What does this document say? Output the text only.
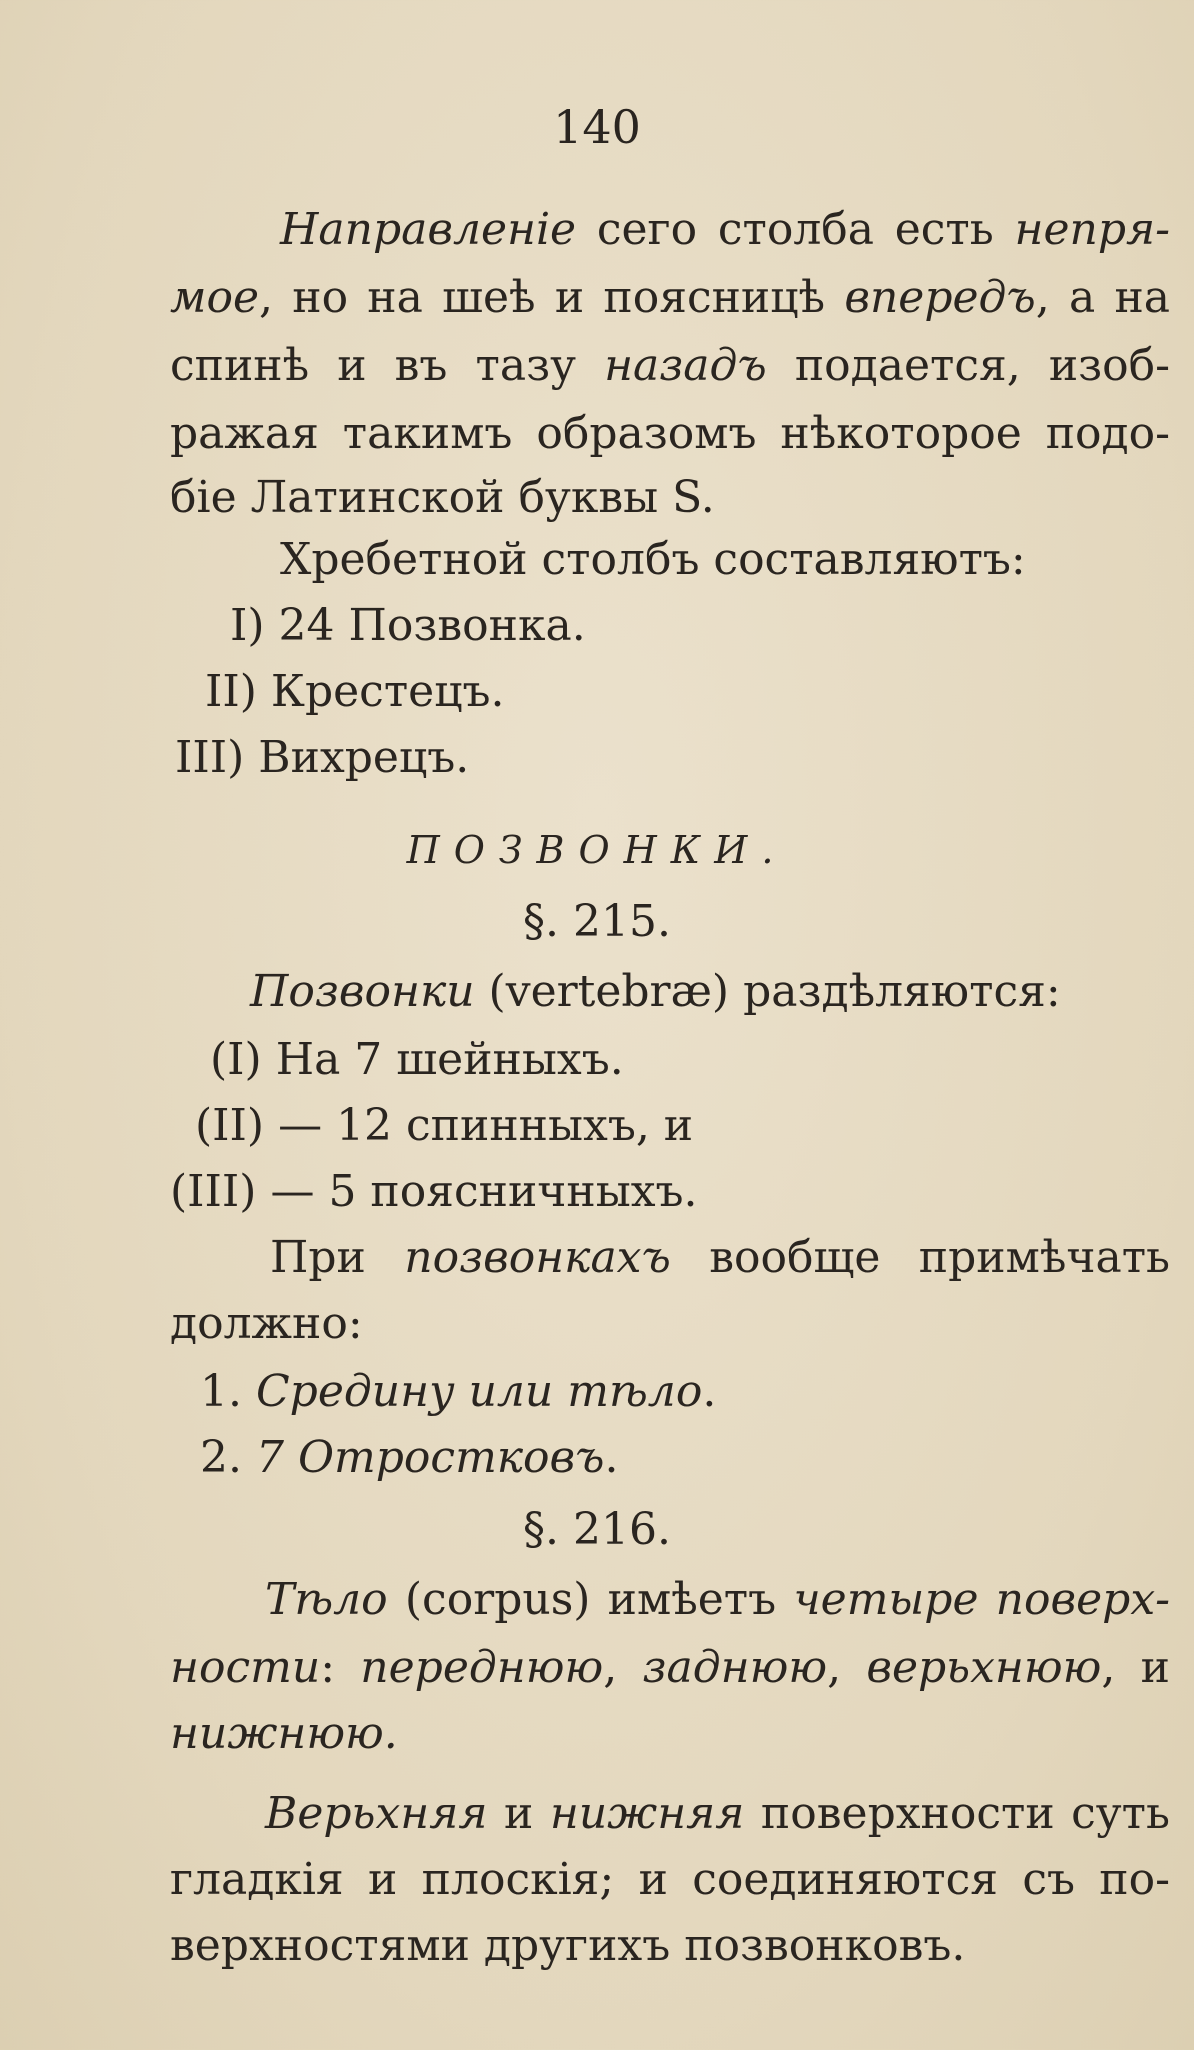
140
Направленіе сего столба есть непря-
мое, но на шеѣ и поясницѣ впередъ, а на
спинѣ и въ тазу назадъ подается, изоб-
ражая такимъ образомъ нѣкоторое подо-
біе Латинской буквы S.
Хребетной столбъ составляютъ:
I) 24 Позвонка.
II) Крестецъ.
III) Вихрецъ.
ПОЗВОНКИ.
§. 215.
Позвонки (vertebræ) раздѣляются:
(I) На 7 шейныхъ.
(II) — 12 спинныхъ, и
(III) — 5 поясничныхъ.
При позвонкахъ вообще примѣчать
должно:
1. Средину или тѣло.
2. 7 Отростковъ.
§. 216.
Тѣло (corpus) имѣетъ четыре поверх-
ности: переднюю, заднюю, верьхнюю, и
нижнюю.
Верьхняя и нижняя поверхности суть
гладкія и плоскія; и соединяются съ по-
верхностями другихъ позвонковъ.
